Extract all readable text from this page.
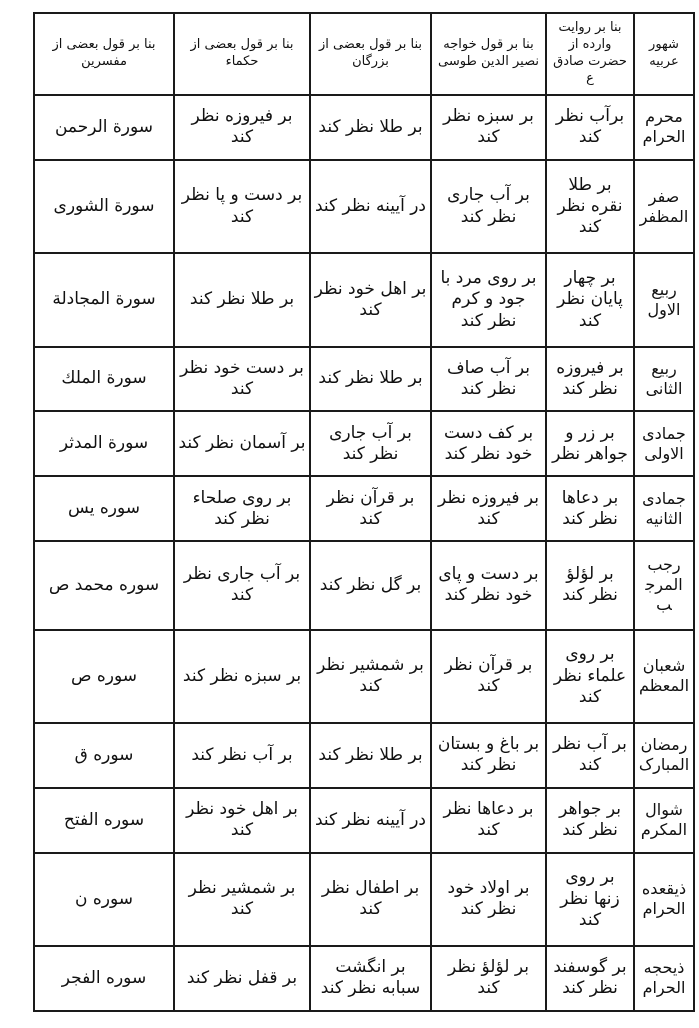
شهور عربیه	بنا بر روایت وارده از حضرت صادق ع	بنا بر قول خواجه نصیر الدین طوسی	بنا بر قول بعضی از بزرگان	بنا بر قول بعضی از حکماء	بنا بر قول بعضی از مفسرین
محرم الحرام	برآب نظر کند	بر سبزه نظر کند	بر طلا نظر کند	بر فیروزه نظر کند	سورة الرحمن
صفر المظفر	بر طلا نقره نظر کند	بر آب جاری نظر کند	در آیینه نظر کند	بر دست و پا نظر کند	سورة الشوری
ربیع الاول	بر چهار پایان نظر کند	بر روی مرد با جود و کرم نظر کند	بر اهل خود نظر کند	بر طلا نظر کند	سورة المجادلة
ربیع الثانی	بر فیروزه نظر کند	بر آب صاف نظر کند	بر طلا نظر کند	بر دست خود نظر کند	سورة الملك
جمادی الاولی	بر زر و جواهر نظر	بر کف دست خود نظر کند	بر آب جاری نظر کند	بر آسمان نظر کند	سورة المدثر
جمادی الثانیه	بر دعاها نظر کند	بر فیروزه نظر کند	بر قرآن نظر کند	بر روی صلحاء نظر کند	سوره یس
رجب المرجب	بر لؤلؤ نظر کند	بر دست و پای خود نظر کند	بر گل نظر کند	بر آب جاری نظر کند	سوره محمد ص
شعبان المعظم	بر روی علماء نظر کند	بر قرآن نظر کند	بر شمشیر نظر کند	بر سبزه نظر کند	سوره ص
رمضان المبارک	بر آب نظر کند	بر باغ و بستان نظر کند	بر طلا نظر کند	بر آب نظر کند	سوره ق
شوال المکرم	بر جواهر نظر کند	بر دعاها نظر کند	در آیینه نظر کند	بر اهل خود نظر کند	سوره الفتح
ذیقعده الحرام	بر روی زنها نظر کند	بر اولاد خود نظر کند	بر اطفال نظر کند	بر شمشیر نظر کند	سوره ن
ذیحجه الحرام	بر گوسفند نظر کند	بر لؤلؤ نظر کند	بر انگشت سبابه نظر کند	بر قفل نظر کند	سوره الفجر
